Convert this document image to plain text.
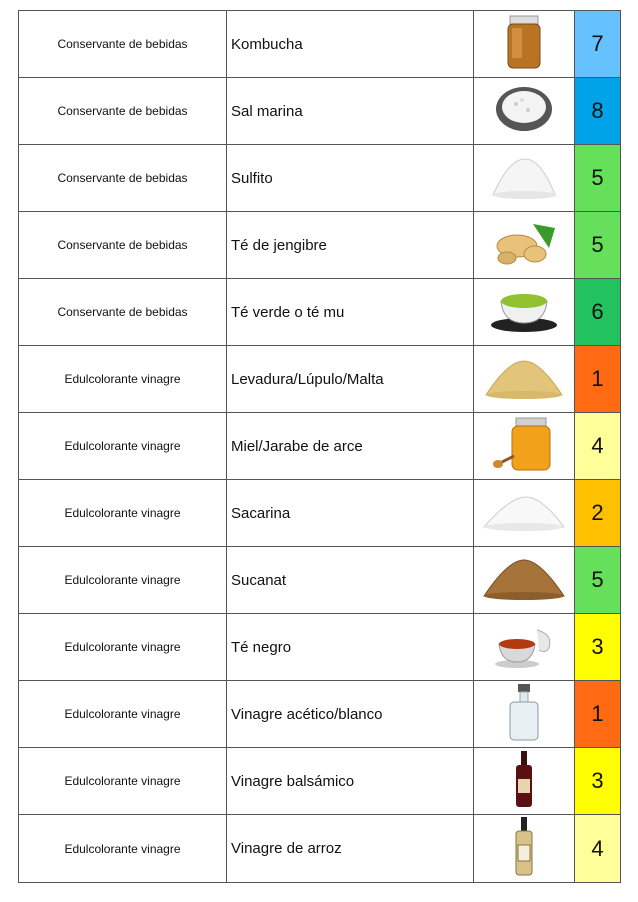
Conservante de bebidas	Kombucha		7
Conservante de bebidas	Sal marina		8
Conservante de bebidas	Sulfito		5
Conservante de bebidas	Té de jengibre		5
Conservante de bebidas	Té verde o té mu		6
Edulcolorante vinagre	Levadura/Lúpulo/Malta		1
Edulcolorante vinagre	Miel/Jarabe de arce		4
Edulcolorante vinagre	Sacarina		2
Edulcolorante vinagre	Sucanat		5
Edulcolorante vinagre	Té negro		3
Edulcolorante vinagre	Vinagre acético/blanco		1
Edulcolorante vinagre	Vinagre balsámico		3
Edulcolorante vinagre	Vinagre de arroz		4
